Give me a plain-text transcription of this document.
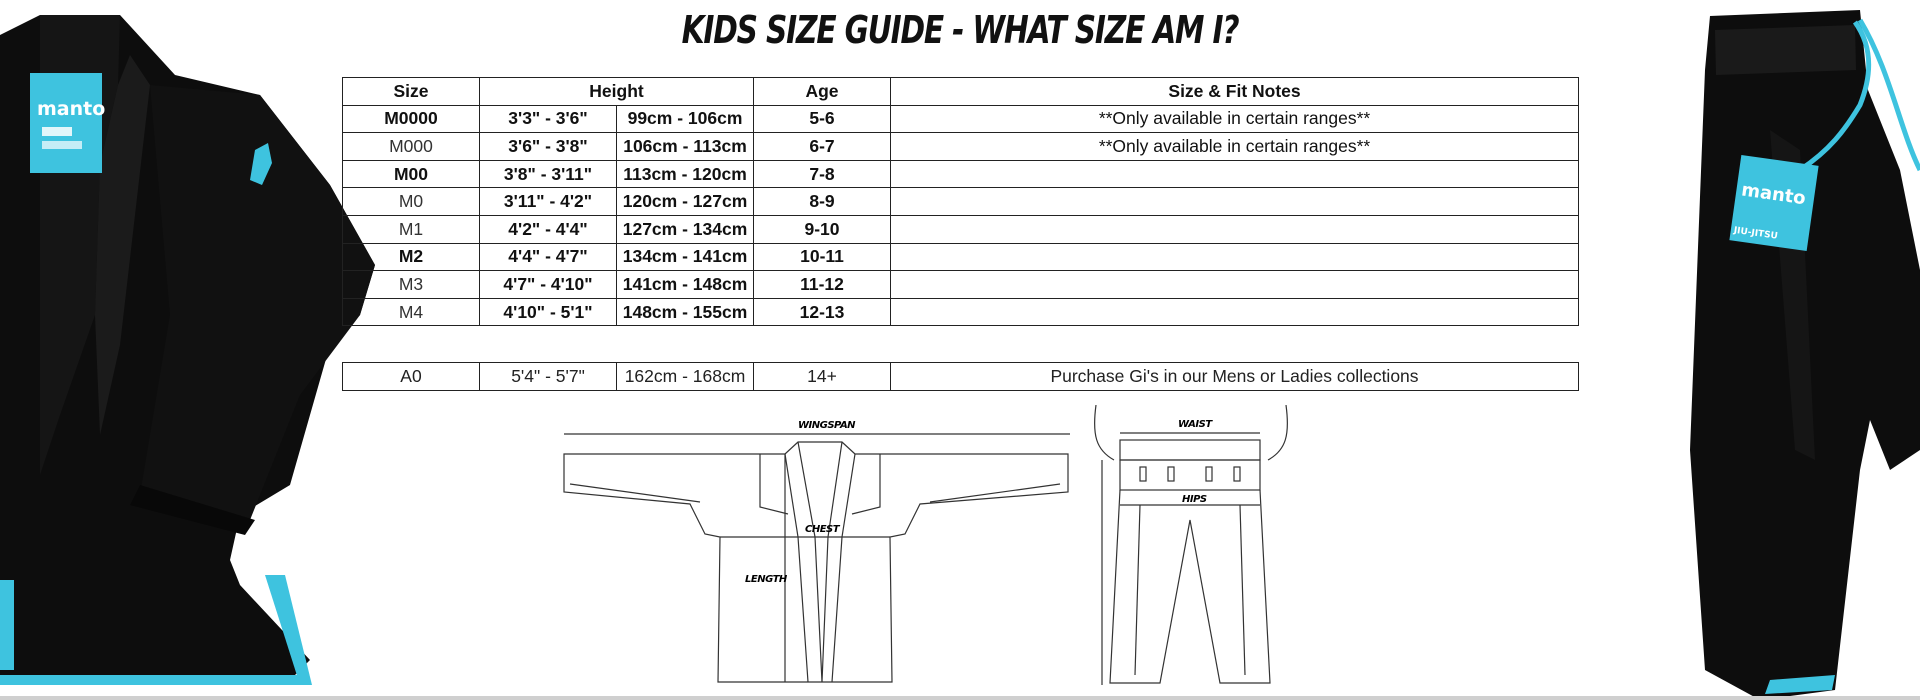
KIDS SIZE GUIDE - WHAT SIZE AM I?
manto
manto
JIU-JITSU
Size	Height		Age	Size & Fit Notes
M0000	3'3" - 3'6"	99cm - 106cm	5-6	**Only available in certain ranges**
M000	3'6" - 3'8"	106cm - 113cm	6-7	**Only available in certain ranges**
M00	3'8" - 3'11"	113cm - 120cm	7-8	
M0	3'11" - 4'2"	120cm - 127cm	8-9	
M1	4'2" - 4'4"	127cm - 134cm	9-10	
M2	4'4" - 4'7"	134cm - 141cm	10-11	
M3	4'7" - 4'10"	141cm - 148cm	11-12	
M4	4'10" - 5'1"	148cm - 155cm	12-13	
A0	5'4" - 5'7"	162cm - 168cm	14+	Purchase Gi's in our Mens or Ladies collections
WINGSPAN
CHEST
LENGTH
WAIST
HIPS
